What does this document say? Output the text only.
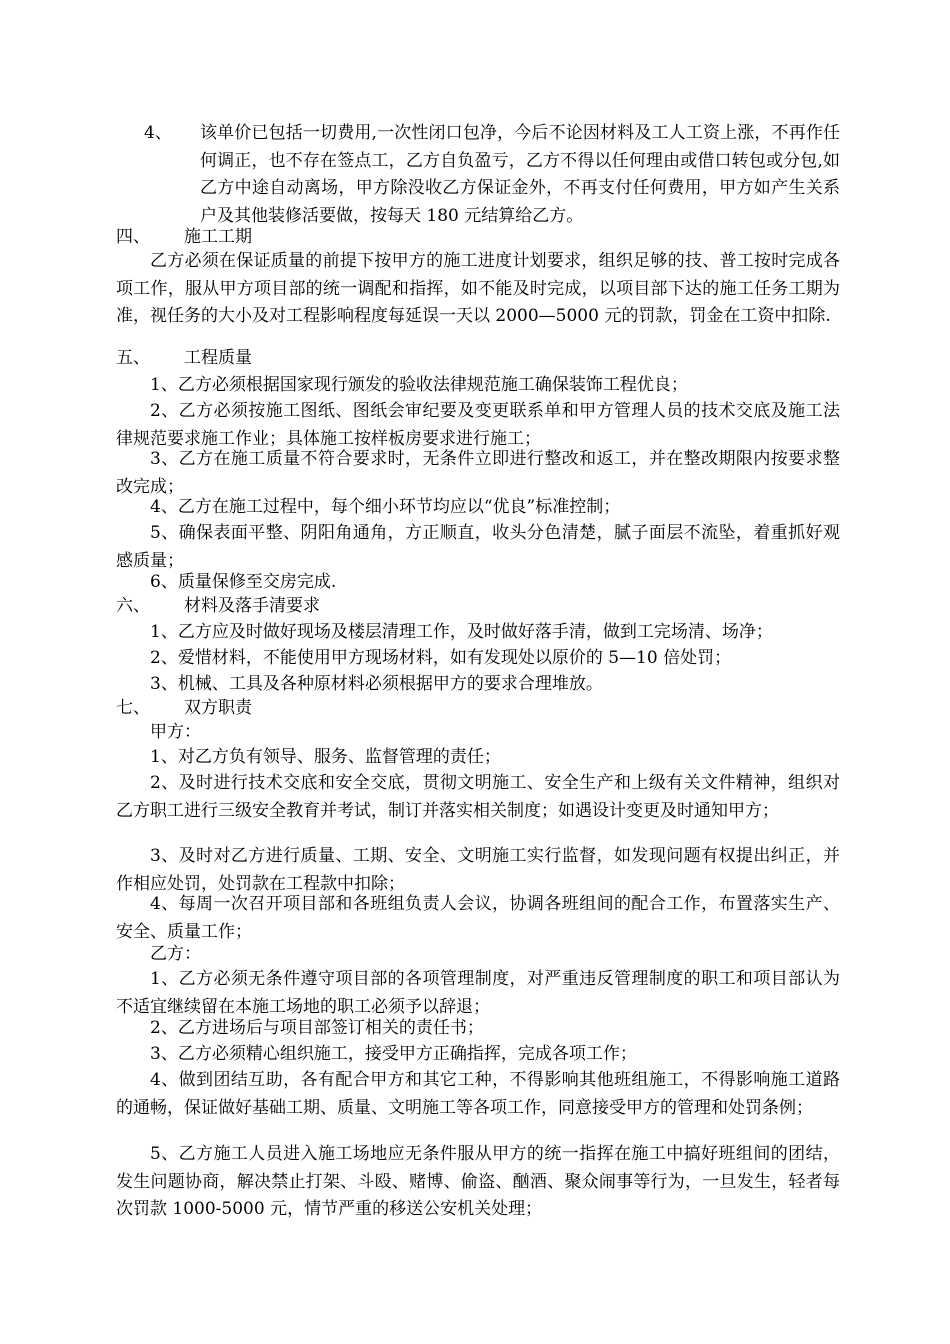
4、 该单价已包括一切费用,一次性闭口包净，今后不论因材料及工人工资上涨，不再作任何调正，也不存在签点工，乙方自负盈亏，乙方不得以任何理由或借口转包或分包,如乙方中途自动离场，甲方除没收乙方保证金外，不再支付任何费用，甲方如产生关系户及其他装修活要做，按每天 180 元结算给乙方。
四、 施工工期

乙方必须在保证质量的前提下按甲方的施工进度计划要求，组织足够的技、普工按时完成各项工作，服从甲方项目部的统一调配和指挥，如不能及时完成，以项目部下达的施工任务工期为准，视任务的大小及对工程影响程度每延误一天以 2000—5000 元的罚款，罚金在工资中扣除.

五、 工程质量

1、乙方必须根据国家现行颁发的验收法律规范施工确保装饰工程优良；

2、乙方必须按施工图纸、图纸会审纪要及变更联系单和甲方管理人员的技术交底及施工法律规范要求施工作业；具体施工按样板房要求进行施工；

3、乙方在施工质量不符合要求时，无条件立即进行整改和返工，并在整改期限内按要求整改完成；

4、乙方在施工过程中，每个细小环节均应以“优良”标准控制；

5、确保表面平整、阴阳角通角，方正顺直，收头分色清楚，腻子面层不流坠，着重抓好观感质量；

6、质量保修至交房完成.

六、 材料及落手清要求

1、乙方应及时做好现场及楼层清理工作，及时做好落手清，做到工完场清、场净；

2、爱惜材料，不能使用甲方现场材料，如有发现处以原价的 5—10 倍处罚；

3、机械、工具及各种原材料必须根据甲方的要求合理堆放。

七、 双方职责

甲方：

1、对乙方负有领导、服务、监督管理的责任；

2、及时进行技术交底和安全交底，贯彻文明施工、安全生产和上级有关文件精神，组织对乙方职工进行三级安全教育并考试，制订并落实相关制度；如遇设计变更及时通知甲方；

3、及时对乙方进行质量、工期、安全、文明施工实行监督，如发现问题有权提出纠正，并作相应处罚，处罚款在工程款中扣除；

4、每周一次召开项目部和各班组负责人会议，协调各班组间的配合工作，布置落实生产、安全、质量工作；

乙方：

1、乙方必须无条件遵守项目部的各项管理制度，对严重违反管理制度的职工和项目部认为不适宜继续留在本施工场地的职工必须予以辞退；

2、乙方进场后与项目部签订相关的责任书；

3、乙方必须精心组织施工，接受甲方正确指挥，完成各项工作；

4、做到团结互助，各有配合甲方和其它工种，不得影响其他班组施工，不得影响施工道路的通畅，保证做好基础工期、质量、文明施工等各项工作，同意接受甲方的管理和处罚条例；

5、乙方施工人员进入施工场地应无条件服从甲方的统一指挥在施工中搞好班组间的团结，发生问题协商，解决禁止打架、斗殴、赌博、偷盗、酗酒、聚众闹事等行为，一旦发生，轻者每次罚款 1000-5000 元，情节严重的移送公安机关处理；
